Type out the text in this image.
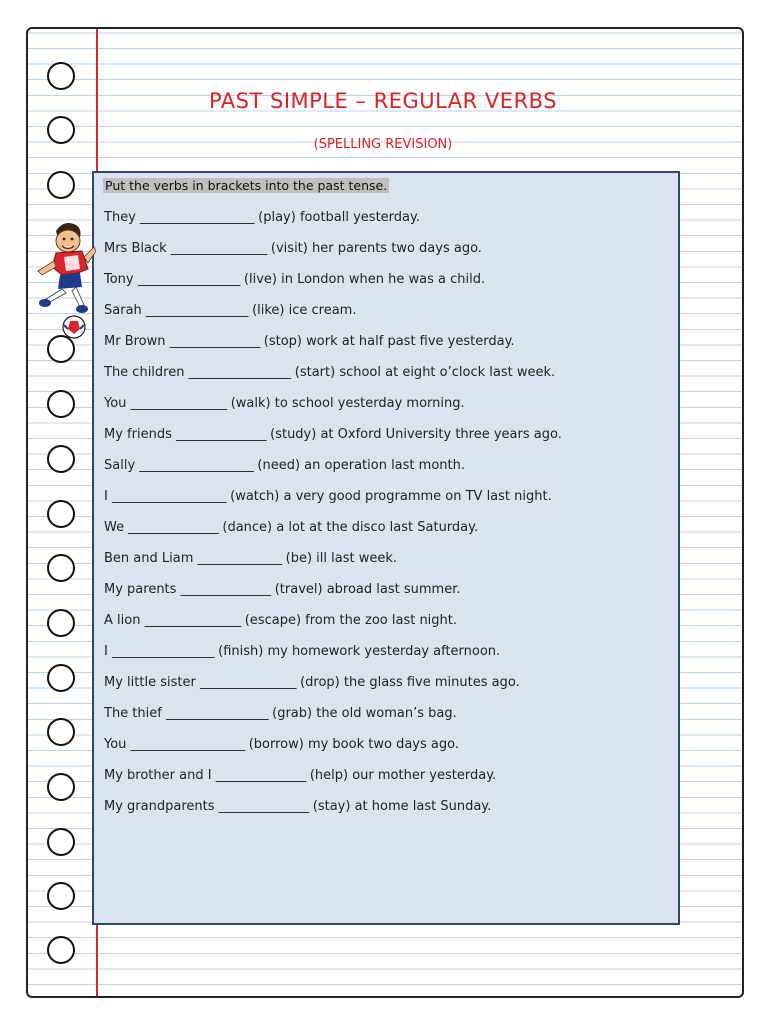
PAST SIMPLE – REGULAR VERBS
(SPELLING REVISION)
Put the verbs in brackets into the past tense.
They ___________________ (play) football yesterday.
Mrs Black ________________ (visit) her parents two days ago.
Tony _________________ (live) in London when he was a child.
Sarah _________________ (like) ice cream.
Mr Brown _______________ (stop) work at half past five yesterday.
The children _________________ (start) school at eight o’clock last week.
You ________________ (walk) to school yesterday morning.
My friends _______________ (study) at Oxford University three years ago.
Sally ___________________ (need) an operation last month.
I ___________________ (watch) a very good programme on TV last night.
We _______________ (dance) a lot at the disco last Saturday.
Ben and Liam ______________ (be) ill last week.
My parents _______________ (travel) abroad last summer.
A lion ________________ (escape) from the zoo last night.
I _________________ (finish) my homework yesterday afternoon.
My little sister ________________ (drop) the glass five minutes ago.
The thief _________________ (grab) the old woman’s bag.
You ___________________ (borrow) my book two days ago.
My brother and I _______________ (help) our mother yesterday.
My grandparents _______________ (stay) at home last Sunday.
